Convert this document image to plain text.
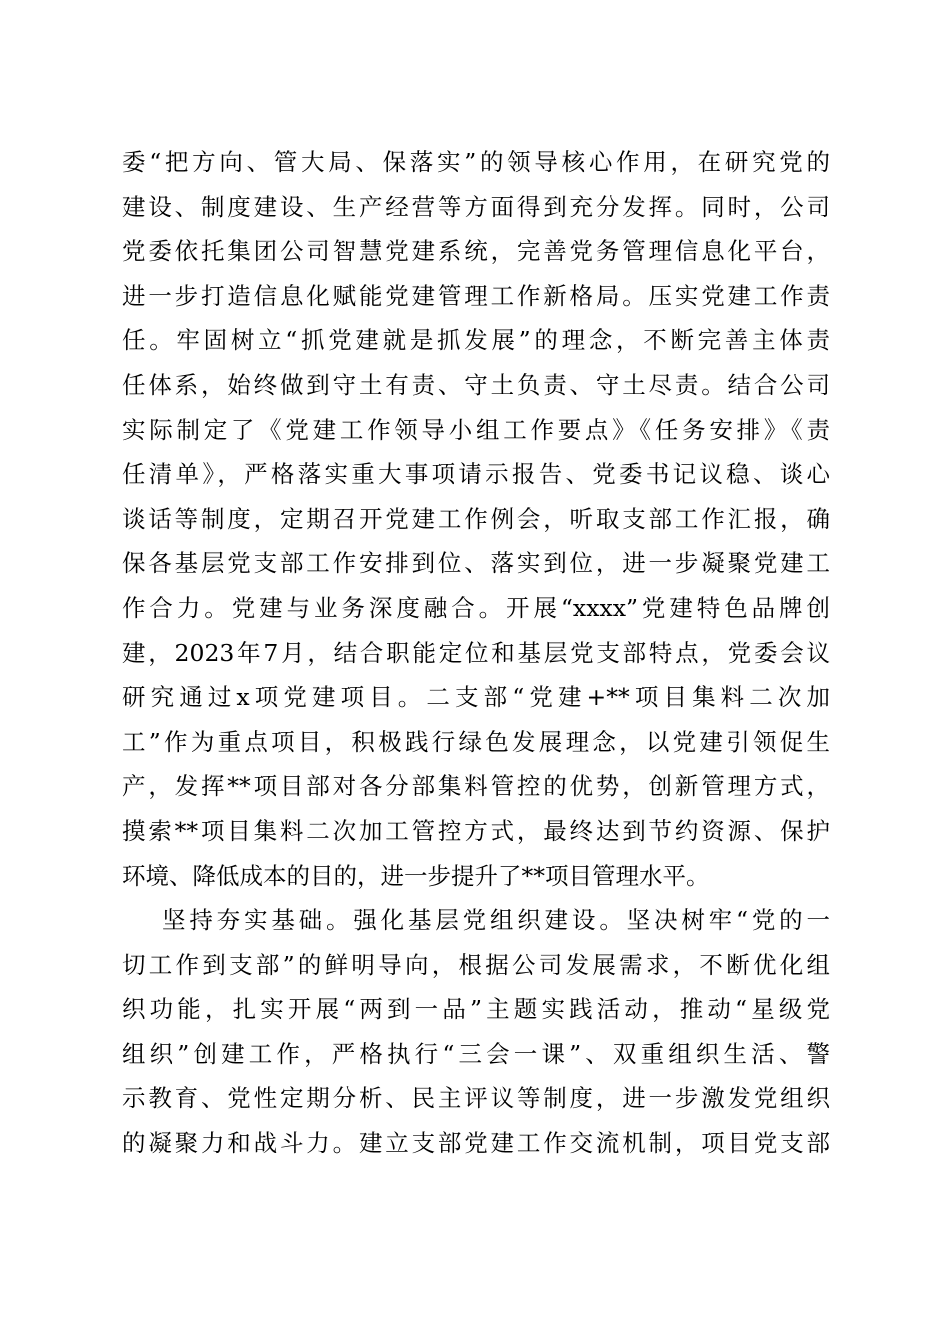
委“把方向、管大局、保落实”的领导核心作用，在研究党的
建设、制度建设、生产经营等方面得到充分发挥。同时，公司
党委依托集团公司智慧党建系统，完善党务管理信息化平台，
进一步打造信息化赋能党建管理工作新格局。压实党建工作责
任。牢固树立“抓党建就是抓发展”的理念，不断完善主体责
任体系，始终做到守土有责、守土负责、守土尽责。结合公司
实际制定了《党建工作领导小组工作要点》《任务安排》《责
任清单》，严格落实重大事项请示报告、党委书记议稳、谈心
谈话等制度，定期召开党建工作例会，听取支部工作汇报，确
保各基层党支部工作安排到位、落实到位，进一步凝聚党建工
作合力。党建与业务深度融合。开展“xxxx”党建特色品牌创
建，2023年7月，结合职能定位和基层党支部特点，党委会议
研究通过x项党建项目。二支部“党建+**项目集料二次加
工”作为重点项目，积极践行绿色发展理念，以党建引领促生
产，发挥**项目部对各分部集料管控的优势，创新管理方式，
摸索**项目集料二次加工管控方式，最终达到节约资源、保护
环境、降低成本的目的，进一步提升了**项目管理水平。
坚持夯实基础。强化基层党组织建设。坚决树牢“党的一
切工作到支部”的鲜明导向，根据公司发展需求，不断优化组
织功能，扎实开展“两到一品”主题实践活动，推动“星级党
组织”创建工作，严格执行“三会一课”、双重组织生活、警
示教育、党性定期分析、民主评议等制度，进一步激发党组织
的凝聚力和战斗力。建立支部党建工作交流机制，项目党支部
